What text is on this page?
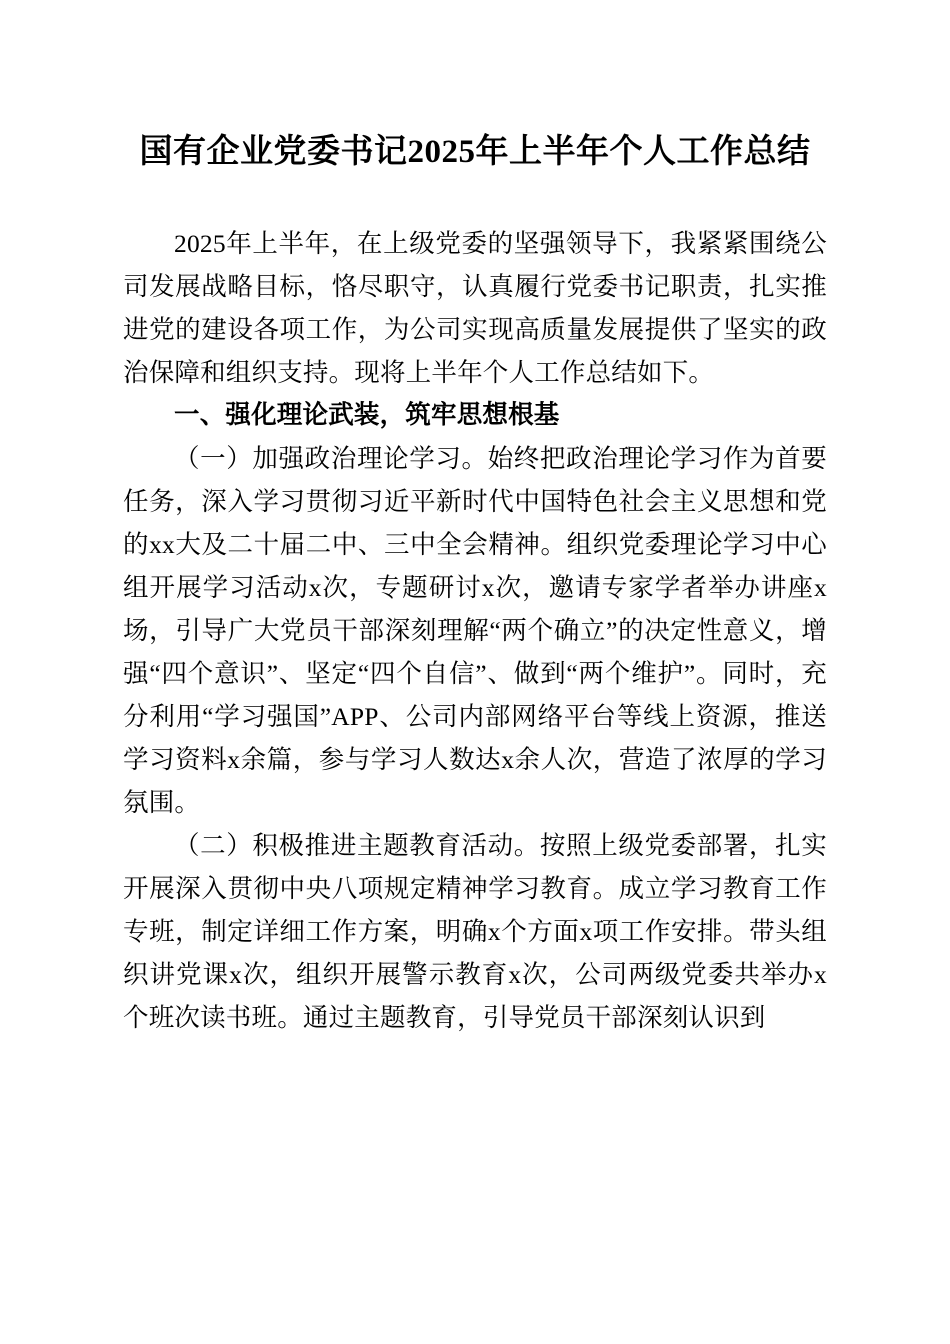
国有企业党委书记2025年上半年个人工作总结

2025年上半年，在上级党委的坚强领导下，我紧紧围绕公司发展战略目标，恪尽职守，认真履行党委书记职责，扎实推进党的建设各项工作，为公司实现高质量发展提供了坚实的政治保障和组织支持。现将上半年个人工作总结如下。

一、强化理论武装，筑牢思想根基

（一）加强政治理论学习。始终把政治理论学习作为首要任务，深入学习贯彻习近平新时代中国特色社会主义思想和党的xx大及二十届二中、三中全会精神。组织党委理论学习中心组开展学习活动x次，专题研讨x次，邀请专家学者举办讲座x场，引导广大党员干部深刻理解“两个确立”的决定性意义，增强“四个意识”、坚定“四个自信”、做到“两个维护”。同时，充分利用“学习强国”APP、公司内部网络平台等线上资源，推送学习资料x余篇，参与学习人数达x余人次，营造了浓厚的学习氛围。

（二）积极推进主题教育活动。按照上级党委部署，扎实开展深入贯彻中央八项规定精神学习教育。成立学习教育工作专班，制定详细工作方案，明确x个方面x项工作安排。带头组织讲党课x次，组织开展警示教育x次，公司两级党委共举办x个班次读书班。通过主题教育，引导党员干部深刻认识到
